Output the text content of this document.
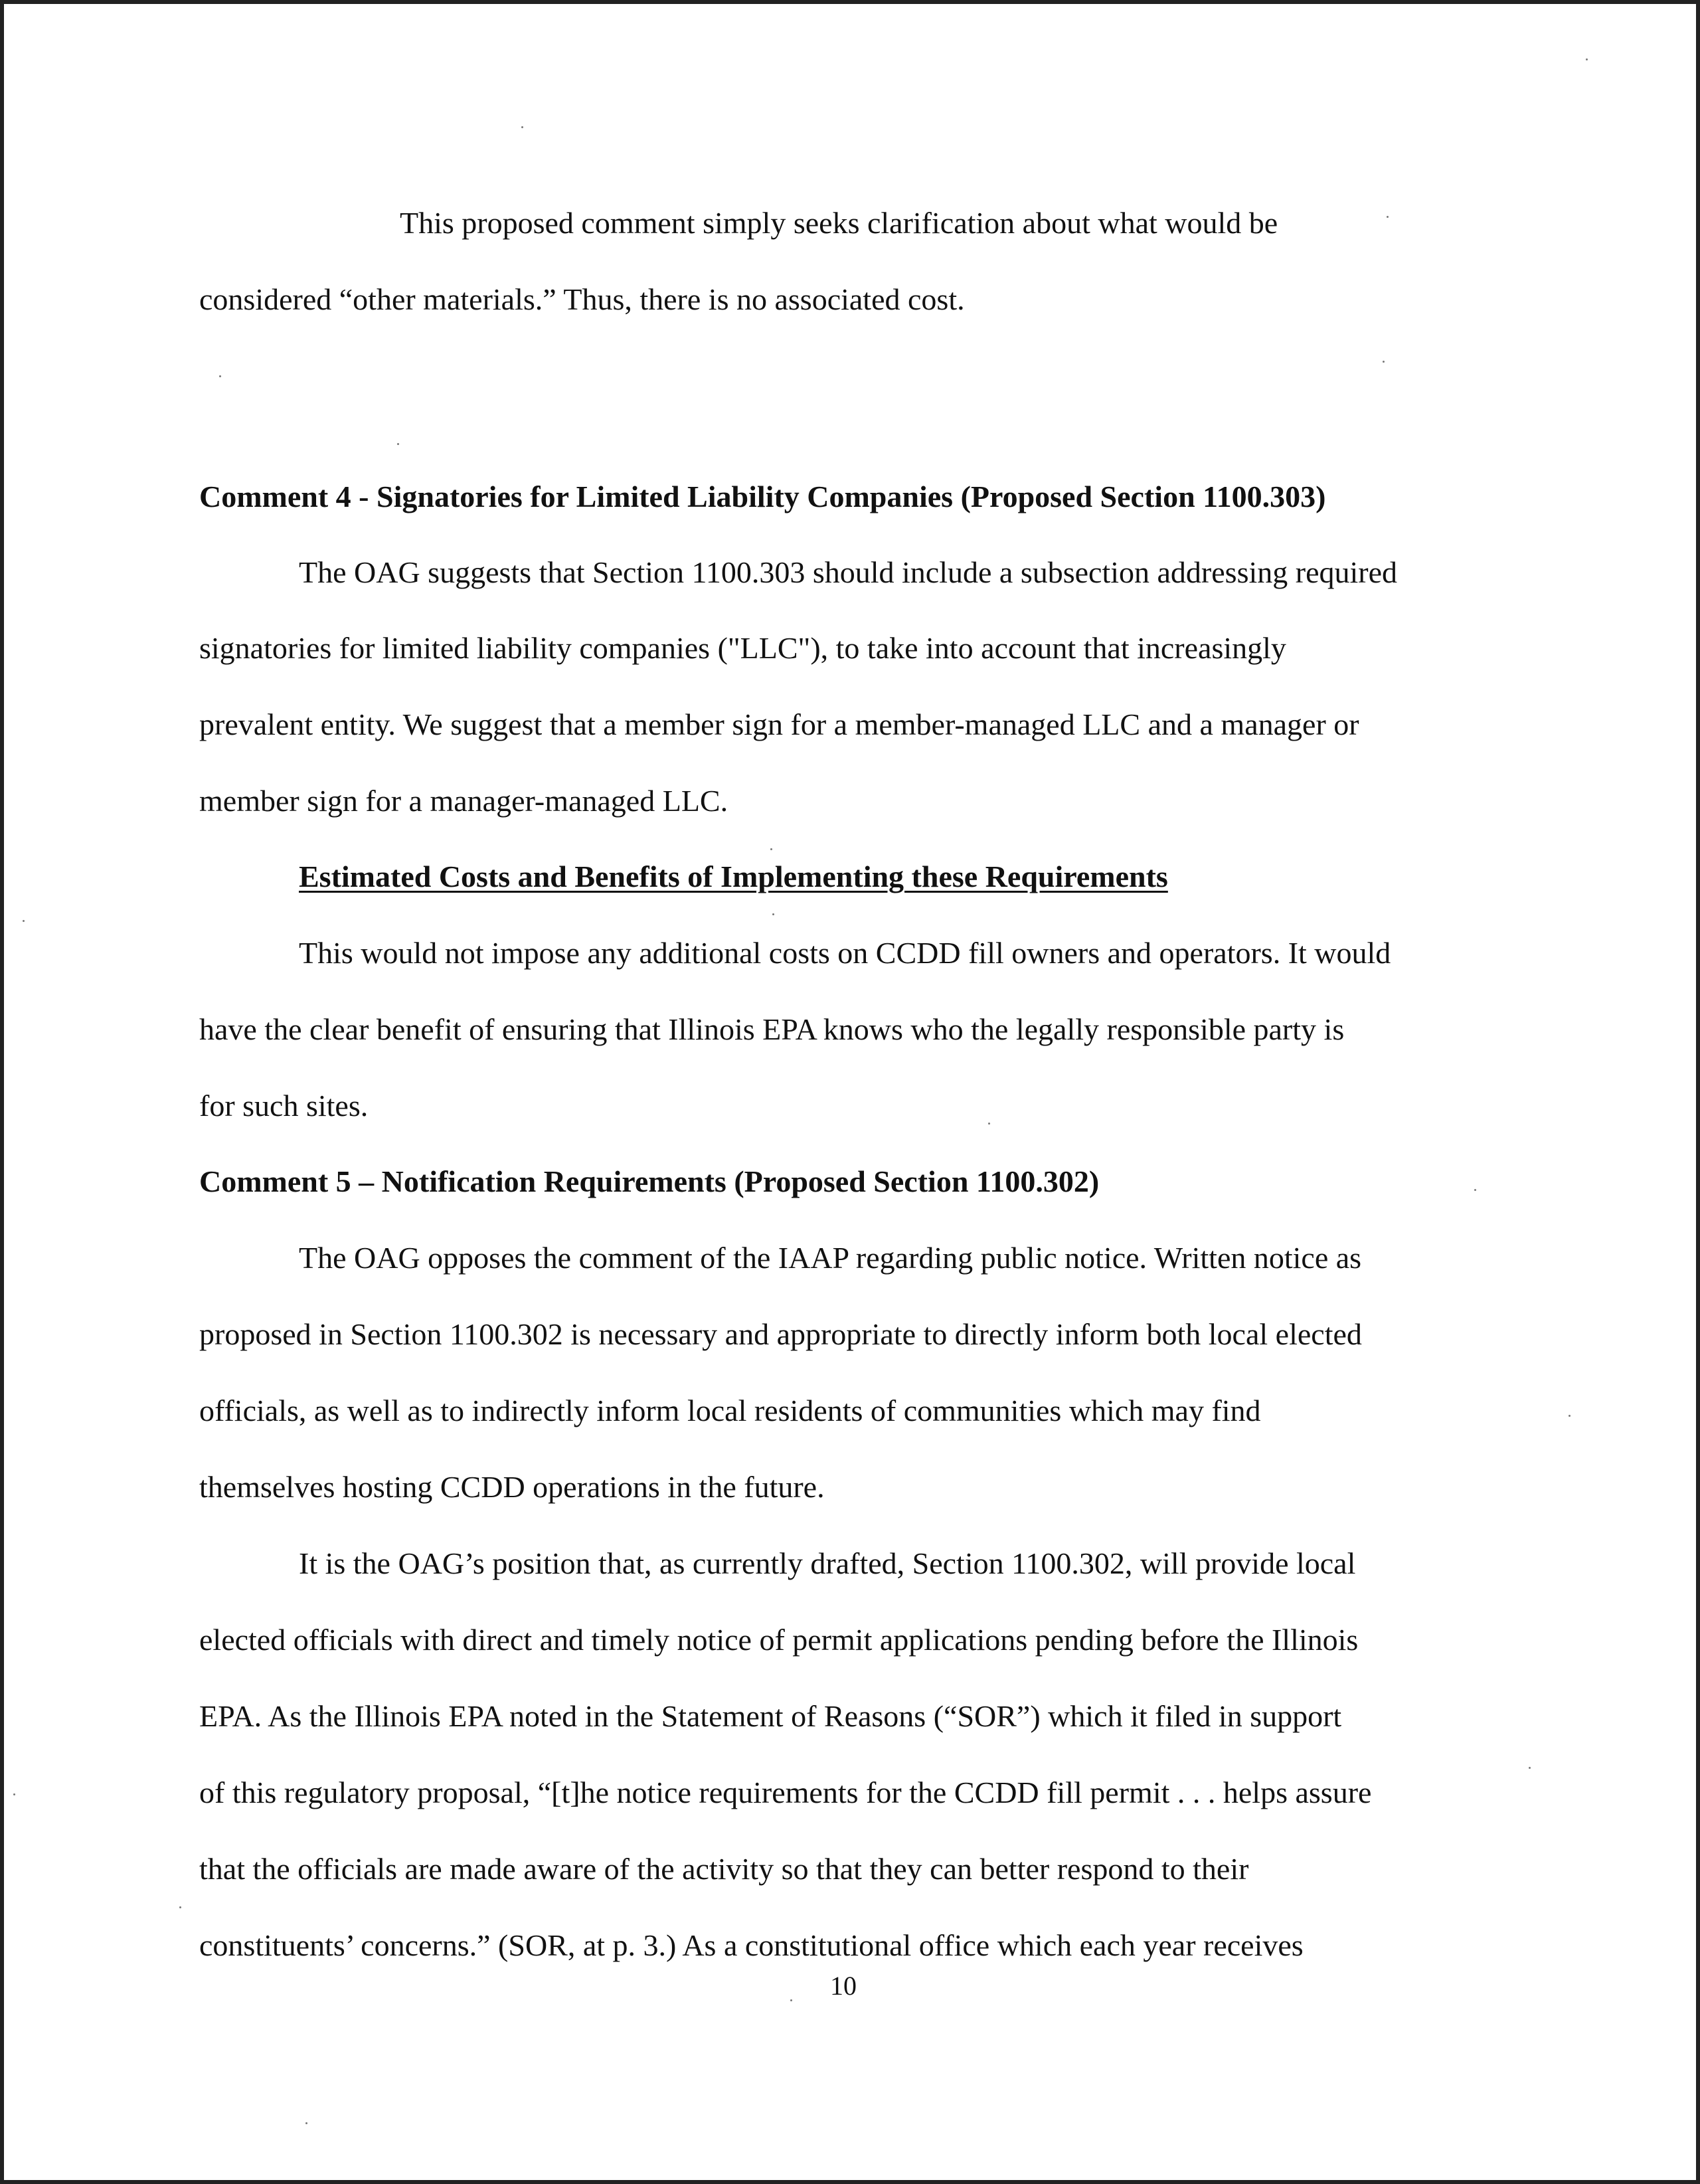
This proposed comment simply seeks clarification about what would be
considered “other materials.” Thus, there is no associated cost.
Comment 4 - Signatories for Limited Liability Companies (Proposed Section 1100.303)
The OAG suggests that Section 1100.303 should include a subsection addressing required
signatories for limited liability companies ("LLC"), to take into account that increasingly
prevalent entity. We suggest that a member sign for a member-managed LLC and a manager or
member sign for a manager-managed LLC.
Estimated Costs and Benefits of Implementing these Requirements
This would not impose any additional costs on CCDD fill owners and operators. It would
have the clear benefit of ensuring that Illinois EPA knows who the legally responsible party is
for such sites.
Comment 5 – Notification Requirements (Proposed Section 1100.302)
The OAG opposes the comment of the IAAP regarding public notice. Written notice as
proposed in Section 1100.302 is necessary and appropriate to directly inform both local elected
officials, as well as to indirectly inform local residents of communities which may find
themselves hosting CCDD operations in the future.
It is the OAG’s position that, as currently drafted, Section 1100.302, will provide local
elected officials with direct and timely notice of permit applications pending before the Illinois
EPA. As the Illinois EPA noted in the Statement of Reasons (“SOR”) which it filed in support
of this regulatory proposal, “[t]he notice requirements for the CCDD fill permit . . . helps assure
that the officials are made aware of the activity so that they can better respond to their
constituents’ concerns.” (SOR, at p. 3.) As a constitutional office which each year receives
10
